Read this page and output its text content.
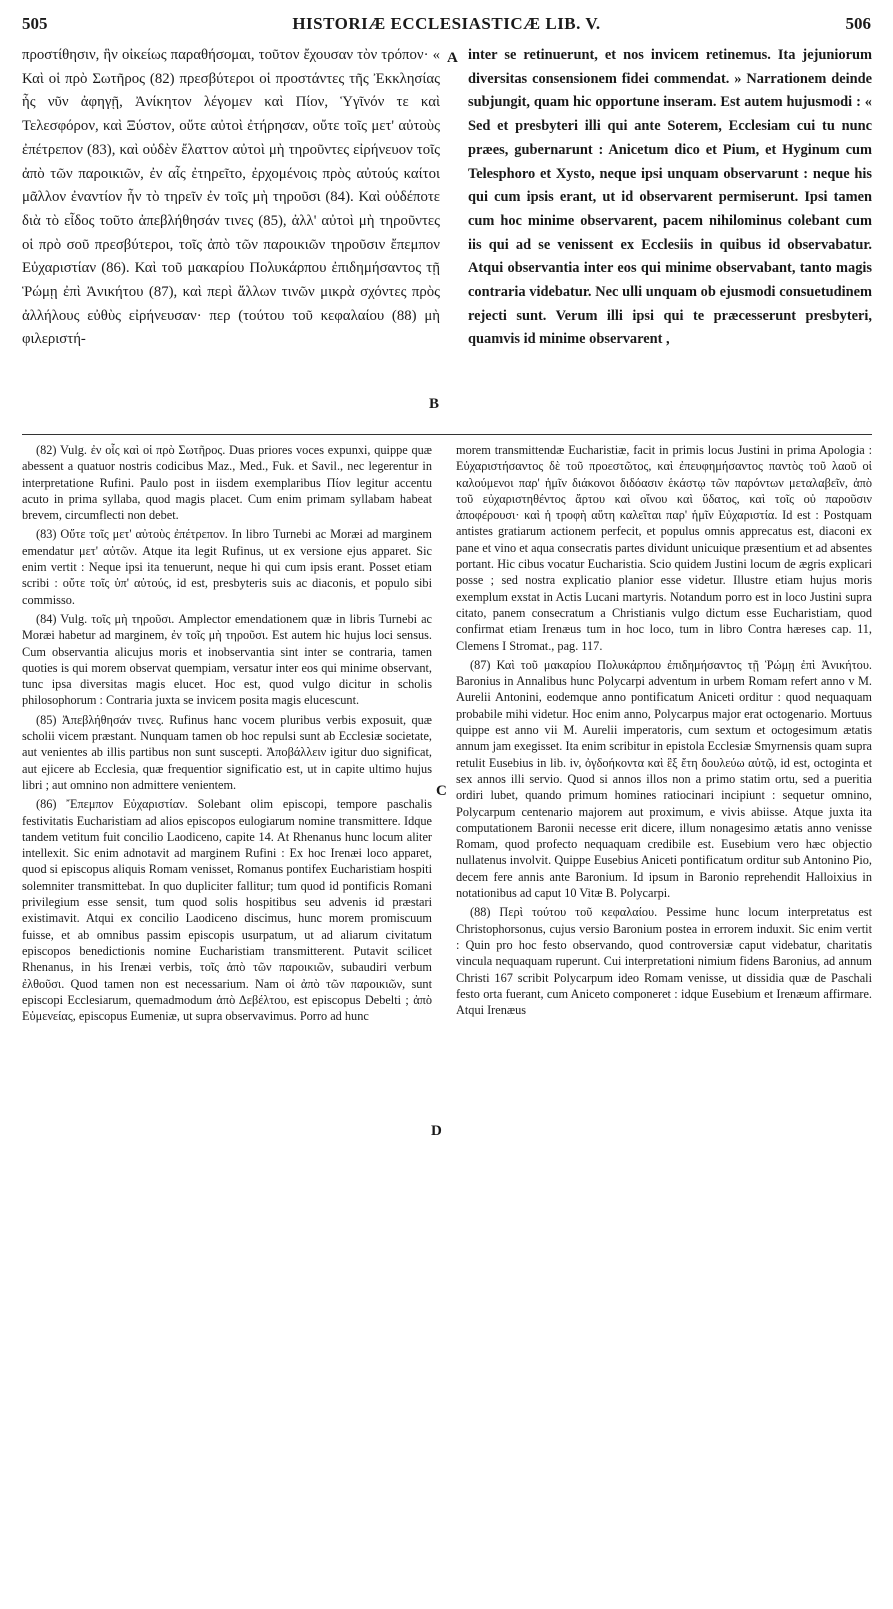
505	HISTORIÆ ECCLESIASTICÆ LIB. V.	506

προστίθησιν, ἣν οἰκείως παραθήσομαι, τοῦτον ἔχουσαν τὸν τρόπον· « Καὶ οἱ πρὸ Σωτῆρος (82) πρεσβύτεροι οἱ προστάντες τῆς Ἐκκλησίας ἧς νῦν ἀφηγῇ, Ἀνίκητον λέγομεν καὶ Πίον, Ὑγῖνόν τε καὶ Τελεσφόρον, καὶ Ξύστον, οὔτε αὐτοὶ ἐτήρησαν, οὔτε τοῖς μετ' αὐτοὺς ἐπέτρεπον (83), καὶ οὐδὲν ἔλαττον αὐτοὶ μὴ τηροῦντες εἰρήνευον τοῖς ἀπὸ τῶν παροικιῶν, ἐν αἷς ἐτηρεῖτο, ἐρχομένοις πρὸς αὐτούς καίτοι μᾶλλον ἐναντίον ἦν τὸ τηρεῖν ἐν τοῖς μὴ τηροῦσι (84). Καὶ οὐδέποτε διὰ τὸ εἶδος τοῦτο ἀπεβλήθησάν τινες (85), ἀλλ' αὐτοὶ μὴ τηροῦντες οἱ πρὸ σοῦ πρεσβύτεροι, τοῖς ἀπὸ τῶν παροικιῶν τηροῦσιν ἔπεμπον Εὐχαριστίαν (86). Καὶ τοῦ μακαρίου Πολυκάρπου ἐπιδημήσαντος τῇ Ῥώμῃ ἐπὶ Ἀνικήτου (87), καὶ περὶ ἄλλων τινῶν μικρὰ σχόντες πρὸς ἀλλήλους εὐθὺς εἰρήνευσαν· περ (τούτου τοῦ κεφαλαίου (88) μὴ φιλεριστή-

A
B

inter se retinuerunt, et nos invicem retinemus. Ita jejuniorum diversitas consensionem fidei commendat. » Narrationem deinde subjungit, quam hic opportune inseram. Est autem hujusmodi : « Sed et presbyteri illi qui ante Soterem, Ecclesiam cui tu nunc præes, gubernarunt : Anicetum dico et Pium, et Hyginum cum Telesphoro et Xysto, neque ipsi unquam observarunt : neque his qui cum ipsis erant, ut id observarent permiserunt. Ipsi tamen cum hoc minime observarent, pacem nihilominus colebant cum iis qui ad se venissent ex Ecclesiis in quibus id observabatur. Atqui observantia inter eos qui minime observabant, tanto magis contraria videbatur. Nec ulli unquam ob ejusmodi consuetudinem rejecti sunt. Verum illi ipsi qui te præcesserunt presbyteri, quamvis id minime observarent ,

(82) Vulg. ἐν οἷς καὶ οἱ πρὸ Σωτῆρος. Duas priores voces expunxi, quippe quæ abessent a quatuor nostris codicibus Maz., Med., Fuk. et Savil., nec legerentur in interpretatione Rufini. Paulo post in iisdem exemplaribus Πίον legitur accentu acuto in prima syllaba, quod magis placet. Cum enim primam syllabam habeat brevem, circumflecti non debet.

(83) Οὔτε τοῖς μετ' αὐτοὺς ἐπέτρεπον. In libro Turnebi ac Moræi ad marginem emendatur μετ' αὐτῶν. Atque ita legit Rufinus, ut ex versione ejus apparet. Sic enim vertit : Neque ipsi ita tenuerunt, neque hi qui cum ipsis erant. Posset etiam scribi : οὔτε τοῖς ὑπ' αὐτούς, id est, presbyteris suis ac diaconis, et populo sibi commisso.

(84) Vulg. τοῖς μὴ τηροῦσι. Amplector emendationem quæ in libris Turnebi ac Moræi habetur ad marginem, ἐν τοῖς μὴ τηροῦσι. Est autem hic hujus loci sensus. Cum observantia alicujus moris et inobservantia sint inter se contraria, tamen quoties is qui morem observat quempiam, versatur inter eos qui minime observant, tunc ipsa diversitas magis elucet. Hoc est, quod vulgo dicitur in scholis philosophorum : Contraria juxta se invicem posita magis elucescunt.

(85) Ἀπεβλήθησάν τινες. Rufinus hanc vocem pluribus verbis exposuit, quæ scholii vicem præstant. Nunquam tamen ob hoc repulsi sunt ab Ecclesiæ societate, aut venientes ab illis partibus non sunt suscepti. Ἀποβάλλειν igitur duo significat, aut ejicere ab Ecclesia, quæ frequentior significatio est, ut in capite ultimo hujus libri ; aut omnino non admittere venientem.

(86) Ἔπεμπον Εὐχαριστίαν. Solebant olim episcopi, tempore paschalis festivitatis Eucharistiam ad alios episcopos eulogiarum nomine transmittere. Idque tandem vetitum fuit concilio Laodiceno, capite 14. At Rhenanus hunc locum aliter intellexit. Sic enim adnotavit ad marginem Rufini : Ex hoc Irenæi loco apparet, quod si episcopus aliquis Romam venisset, Romanus pontifex Eucharistiam hospiti solemniter transmittebat. In quo dupliciter fallitur; tum quod id pontificis Romani privilegium esse sensit, tum quod solis hospitibus seu advenis id præstari existimavit. Atqui ex concilio Laodiceno discimus, hunc morem promiscuum fuisse, et ab omnibus passim episcopis usurpatum, ut ad aliarum civitatum episcopos benedictionis nomine Eucharistiam transmitterent. Putavit scilicet Rhenanus, in his Irenæi verbis, τοῖς ἀπὸ τῶν παροικιῶν, subaudiri verbum ἐλθοῦσι. Quod tamen non est necessarium. Nam οἱ ἀπὸ τῶν παροικιῶν, sunt episcopi Ecclesiarum, quemadmodum ἀπὸ Δεβέλτου, est episcopus Debelti ; ἀπὸ Εὐμενείας, episcopus Eumeniæ, ut supra observavimus. Porro ad hunc

C
D

morem transmittendæ Eucharistiæ, facit in primis locus Justini in prima Apologia : Εὐχαριστήσαντος δὲ τοῦ προεστῶτος, καὶ ἐπευφημήσαντος παντὸς τοῦ λαοῦ οἱ καλούμενοι παρ' ἡμῖν διάκονοι διδόασιν ἑκάστῳ τῶν παρόντων μεταλαβεῖν, ἀπὸ τοῦ εὐχαριστηθέντος ἄρτου καὶ οἴνου καὶ ὕδατος, καὶ τοῖς οὐ παροῦσιν ἀποφέρουσι· καὶ ἡ τροφὴ αὕτη καλεῖται παρ' ἡμῖν Εὐχαριστία. Id est : Postquam antistes gratiarum actionem perfecit, et populus omnis apprecatus est, diaconi ex pane et vino et aqua consecratis partes dividunt unicuique præsentium et ad absentes portant. Hic cibus vocatur Eucharistia. Scio quidem Justini locum de ægris explicari posse ; sed nostra explicatio planior esse videtur. Illustre etiam hujus moris exemplum exstat in Actis Lucani martyris. Notandum porro est in loco Justini supra citato, panem consecratum a Christianis vulgo dictum esse Eucharistiam, quod confirmat etiam Irenæus tum in hoc loco, tum in libro Contra hæreses cap. 11, Clemens I Stromat., pag. 117.

(87) Καὶ τοῦ μακαρίου Πολυκάρπου ἐπιδημήσαντος τῇ Ῥώμῃ ἐπὶ Ἀνικήτου. Baronius in Annalibus hunc Polycarpi adventum in urbem Romam refert anno v M. Aurelii Antonini, eodemque anno pontificatum Aniceti orditur : quod nequaquam probabile mihi videtur. Hoc enim anno, Polycarpus major erat octogenario. Mortuus quippe est anno vii M. Aurelii imperatoris, cum sextum et octogesimum ætatis annum jam exegisset. Ita enim scribitur in epistola Ecclesiæ Smyrnensis quam supra retulit Eusebius in lib. iv, ὀγδοήκοντα καὶ ἓξ ἔτη δουλεύω αὐτῷ, id est, octoginta et sex annos illi servio. Quod si annos illos non a primo statim ortu, sed a pueritia ordiri lubet, quando primum homines ratiocinari incipiunt : sequetur omnino, Polycarpum centenario majorem aut proximum, e vivis abiisse. Atque juxta ita computationem Baronii necesse erit dicere, illum nonagesimo ætatis anno venisse Romam, quod profecto nequaquam credibile est. Eusebium vero hæc objectio nullatenus involvit. Quippe Eusebius Aniceti pontificatum orditur sub Antonino Pio, decem fere annis ante Baronium. Id ipsum in Baronio reprehendit Halloixius in notationibus ad caput 10 Vitæ B. Polycarpi.

(88) Περὶ τούτου τοῦ κεφαλαίου. Pessime hunc locum interpretatus est Christophorsonus, cujus versio Baronium postea in errorem induxit. Sic enim vertit : Quin pro hoc festo observando, quod controversiæ caput videbatur, charitatis vincula nequaquam ruperunt. Cui interpretationi nimium fidens Baronius, ad annum Christi 167 scribit Polycarpum ideo Romam venisse, ut dissidia quæ de Paschali festo orta fuerant, cum Aniceto componeret : idque Eusebium et Irenæum affirmare. Atqui Irenæus
